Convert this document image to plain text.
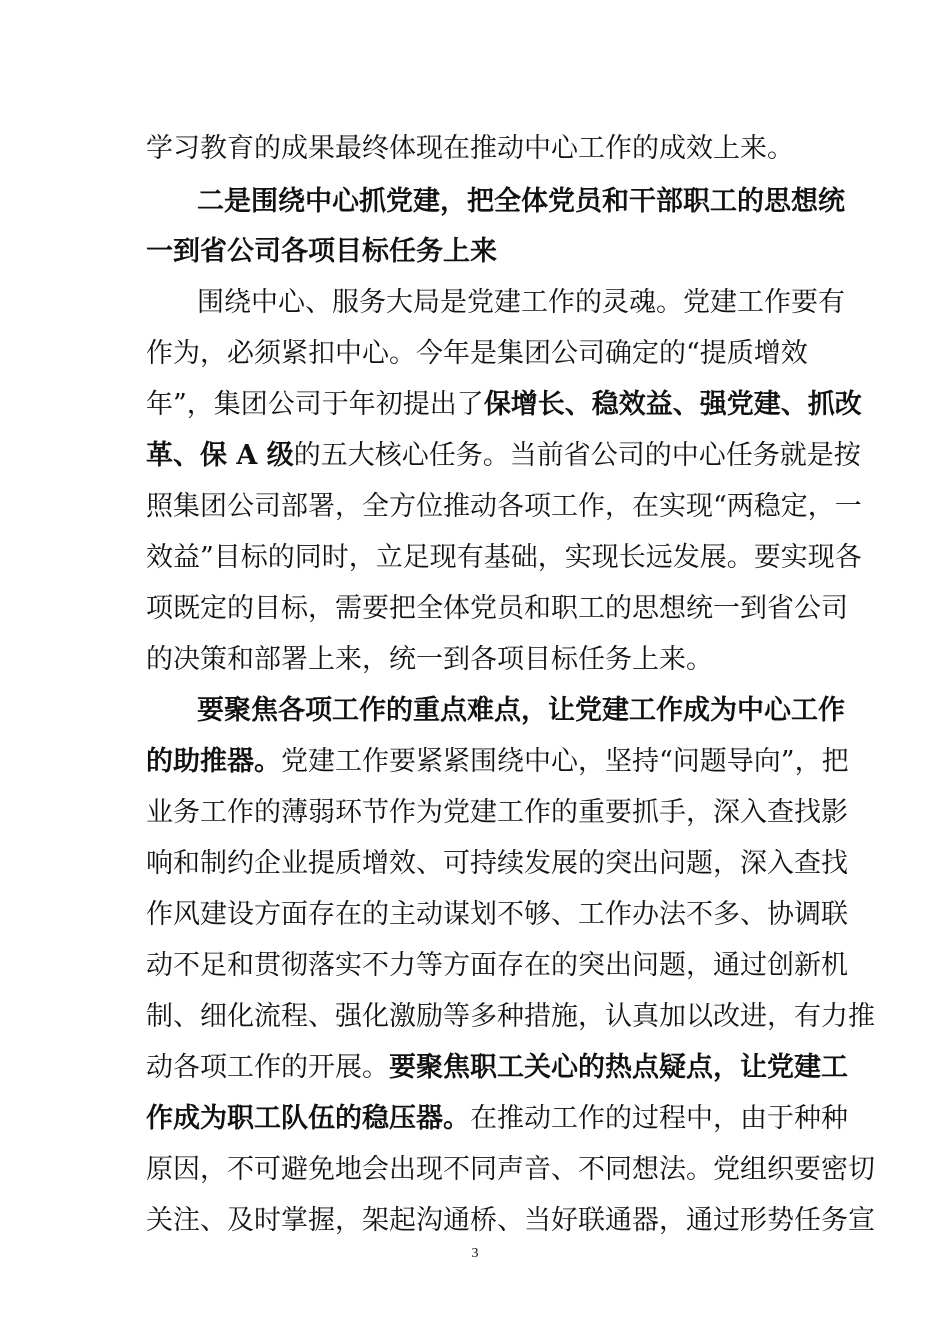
学习教育的成果最终体现在推动中心工作的成效上来。
二是围绕中心抓党建，把全体党员和干部职工的思想统
一到省公司各项目标任务上来
围绕中心、服务大局是党建工作的灵魂。党建工作要有
作为，必须紧扣中心。今年是集团公司确定的“提质增效
年”，集团公司于年初提出了保增长、稳效益、强党建、抓改
革、保 A 级的五大核心任务。当前省公司的中心任务就是按
照集团公司部署，全方位推动各项工作，在实现“两稳定，一
效益”目标的同时，立足现有基础，实现长远发展。要实现各
项既定的目标，需要把全体党员和职工的思想统一到省公司
的决策和部署上来，统一到各项目标任务上来。
要聚焦各项工作的重点难点，让党建工作成为中心工作
的助推器。党建工作要紧紧围绕中心，坚持“问题导向”，把
业务工作的薄弱环节作为党建工作的重要抓手，深入查找影
响和制约企业提质增效、可持续发展的突出问题，深入查找
作风建设方面存在的主动谋划不够、工作办法不多、协调联
动不足和贯彻落实不力等方面存在的突出问题，通过创新机
制、细化流程、强化激励等多种措施，认真加以改进，有力推
动各项工作的开展。要聚焦职工关心的热点疑点，让党建工
作成为职工队伍的稳压器。在推动工作的过程中，由于种种
原因，不可避免地会出现不同声音、不同想法。党组织要密切
关注、及时掌握，架起沟通桥、当好联通器，通过形势任务宣
3
